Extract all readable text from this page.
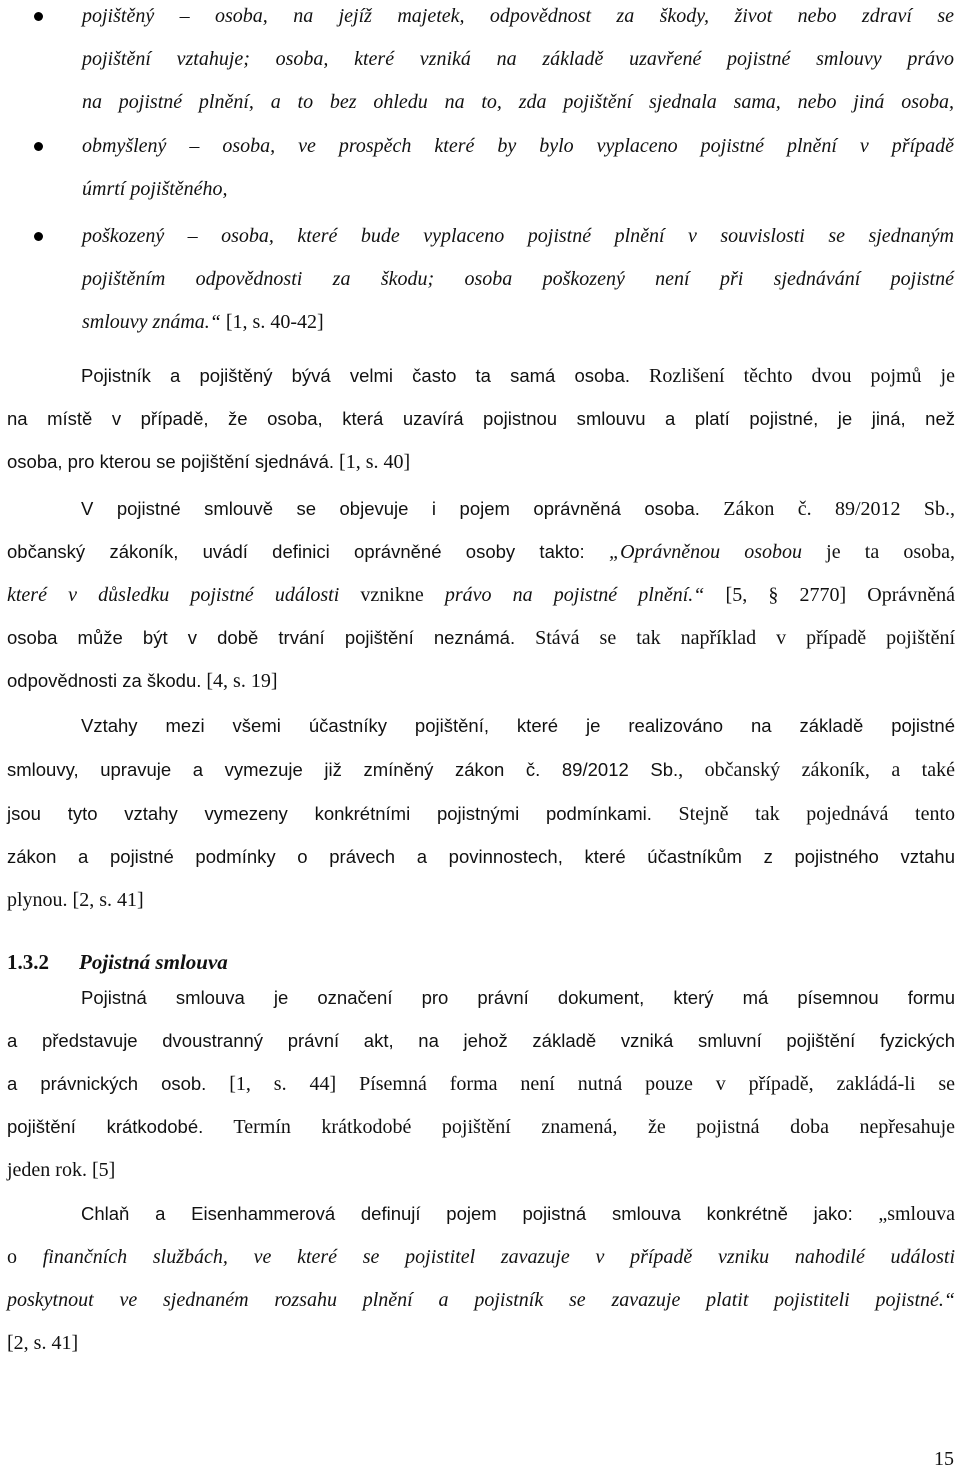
pojištěný – osoba, na jejíž majetek, odpovědnost za škody, život nebo zdraví se
pojištění vztahuje; osoba, které vzniká na základě uzavřené pojistné smlouvy právo
na pojistné plnění, a to bez ohledu na to, zda pojištění sjednala sama, nebo jiná osoba,
obmyšlený – osoba, ve prospěch které by bylo vyplaceno pojistné plnění v případě
úmrtí pojištěného,
poškozený – osoba, které bude vyplaceno pojistné plnění v souvislosti se sjednaným
pojištěním odpovědnosti za škodu; osoba poškozený není při sjednávání pojistné
smlouvy známa.“ [1, s. 40-42]
Pojistník a pojištěný bývá velmi často ta samá osoba. Rozlišení těchto dvou pojmů je
na místě v případě, že osoba, která uzavírá pojistnou smlouvu a platí pojistné, je jiná, než
osoba, pro kterou se pojištění sjednává. [1, s. 40]
V pojistné smlouvě se objevuje i pojem oprávněná osoba. Zákon č. 89/2012 Sb.,
občanský zákoník, uvádí definici oprávněné osoby takto: „Oprávněnou osobou je ta osoba,
které v důsledku pojistné události vznikne právo na pojistné plnění.“ [5, § 2770] Oprávněná
osoba může být v době trvání pojištění neznámá. Stává se tak například v případě pojištění
odpovědnosti za škodu. [4, s. 19]
Vztahy mezi všemi účastníky pojištění, které je realizováno na základě pojistné
smlouvy, upravuje a vymezuje již zmíněný zákon č. 89/2012 Sb., občanský zákoník, a také
jsou tyto vztahy vymezeny konkrétními pojistnými podmínkami. Stejně tak pojednává tento
zákon a pojistné podmínky o právech a povinnostech, které účastníkům z pojistného vztahu
plynou. [2, s. 41]
1.3.2 Pojistná smlouva
Pojistná smlouva je označení pro právní dokument, který má písemnou formu
a představuje dvoustranný právní akt, na jehož základě vzniká smluvní pojištění fyzických
a právnických osob. [1, s. 44] Písemná forma není nutná pouze v případě, zakládá-li se
pojištění krátkodobé. Termín krátkodobé pojištění znamená, že pojistná doba nepřesahuje
jeden rok. [5]
Chlaň a Eisenhammerová definují pojem pojistná smlouva konkrétně jako: „smlouva
o finančních službách, ve které se pojistitel zavazuje v případě vzniku nahodilé události
poskytnout ve sjednaném rozsahu plnění a pojistník se zavazuje platit pojistiteli pojistné.“
[2, s. 41]
15
